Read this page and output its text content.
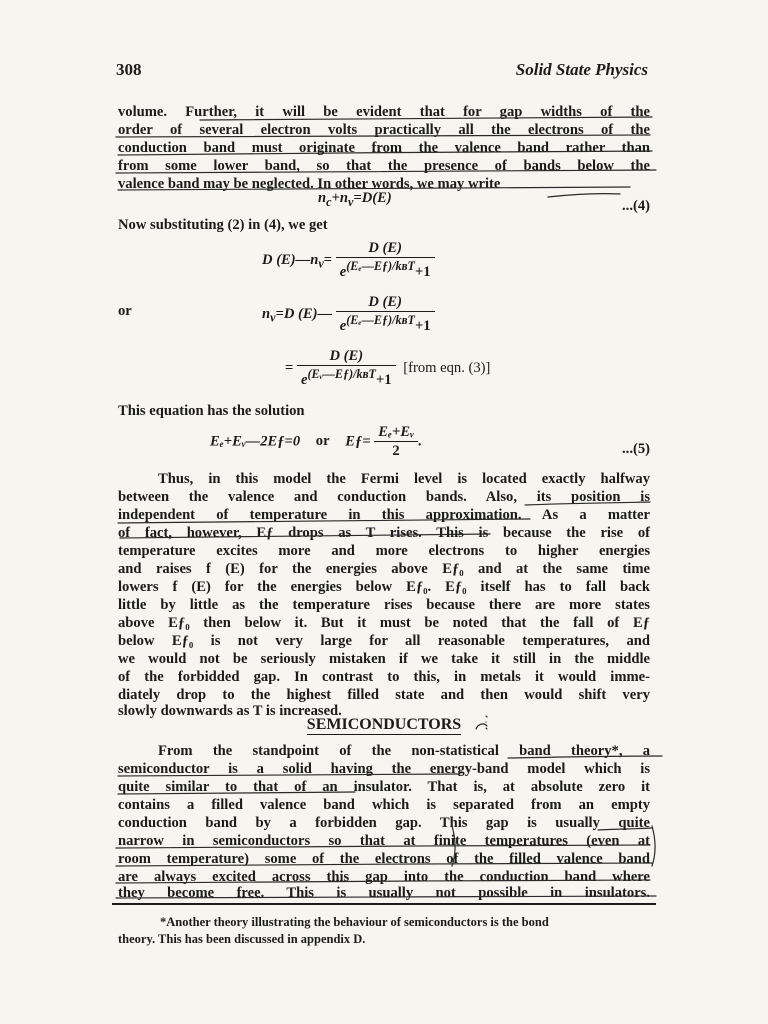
308	Solid State Physics
volume. Further, it will be evident that for gap widths of the
order of several electron volts practically all the electrons of the
conduction band must originate from the valence band rather than
from some lower band, so that the presence of bands below the
valence band may be neglected. In other words, we may write
$n_c+n_v=D(E)$	...(4)
Now substituting (2) in (4), we get
D $(E)—n_v= \frac{D (E)}{e^{(E_e—Eƒ)/kʙT}+1}$
or	$n_v=D$ (E)— $\frac{D (E)}{e^{(E_e—Eƒ)/kʙT}+1}$
= $\frac{D (E)}{e^{(Eᵥ—Eƒ)/kʙT}+1}$ [from eqn. (3)]
This equation has the solution
Eₑ+Eᵥ—2Eƒ=0 or Eƒ= $\frac{\text{Eₑ+Eᵥ}}{2}$ .	...(5)
Thus, in this model the Fermi level is located exactly halfway
between the valence and conduction bands. Also, its position is
independent of temperature in this approximation. As a matter
of fact, however, Eƒ drops as T rises. This is because the rise of
temperature excites more and more electrons to higher energies
and raises f (E) for the energies above Eƒ₀ and at the same time
lowers f (E) for the energies below Eƒ₀. Eƒ₀ itself has to fall back
little by little as the temperature rises because there are more states
above Eƒ₀ then below it. But it must be noted that the fall of Eƒ
below Eƒ₀ is not very large for all reasonable temperatures, and
we would not be seriously mistaken if we take it still in the middle
of the forbidded gap. In contrast to this, in metals it would imme-
diately drop to the highest filled state and then would shift very
slowly downwards as T is increased.
SEMICONDUCTORS
From the standpoint of the non-statistical band theory*, a
semiconductor is a solid having the energy-band model which is
quite similar to that of an insulator. That is, at absolute zero it
contains a filled valence band which is separated from an empty
conduction band by a forbidden gap. This gap is usually quite
narrow in semiconductors so that at finite temperatures (even at
room temperature) some of the electrons of the filled valence band
are always excited across this gap into the conduction band where
they become free. This is usually not possible in insulators.
*Another theory illustrating the behaviour of semiconductors is the bond
theory. This has been discussed in appendix D.
